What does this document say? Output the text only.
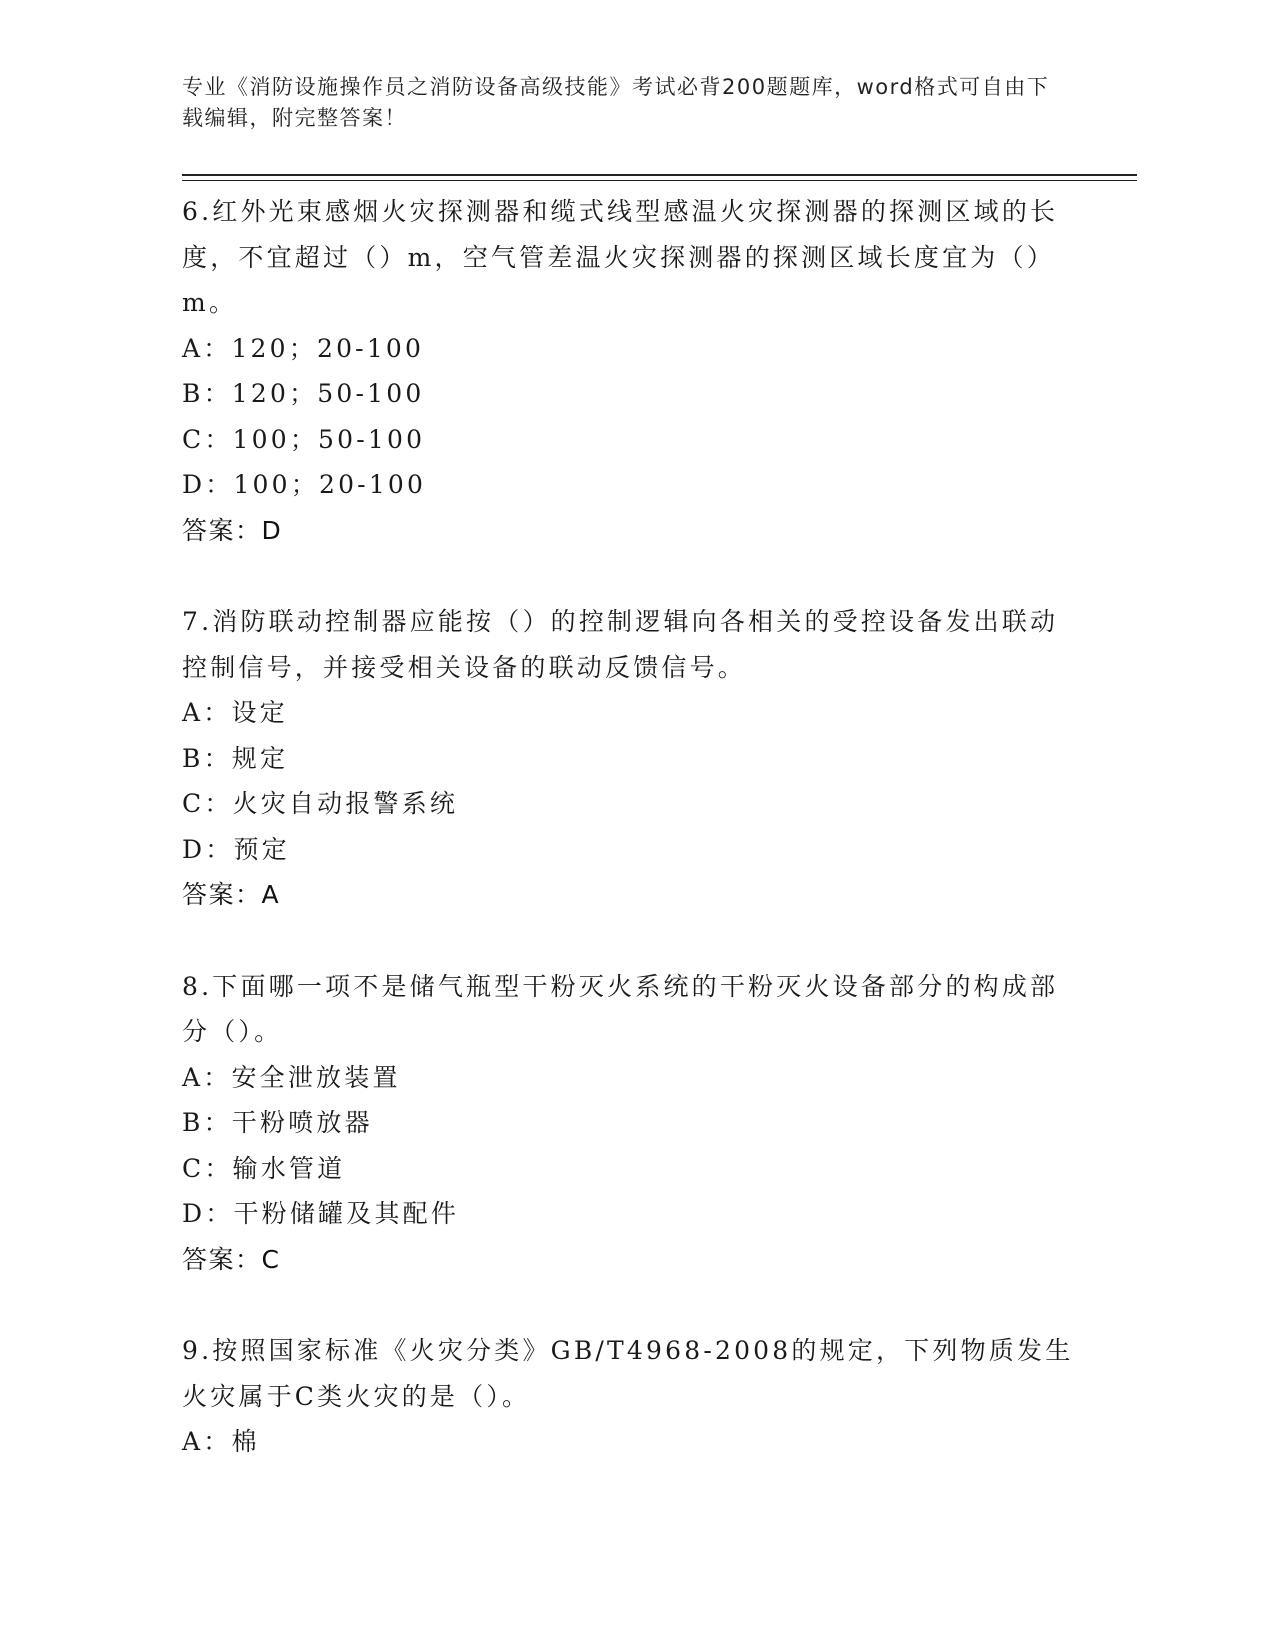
专业《消防设施操作员之消防设备高级技能》考试必背200题题库，word格式可自由下载编辑，附完整答案！

6.红外光束感烟火灾探测器和缆式线型感温火灾探测器的探测区域的长度，不宜超过（）m，空气管差温火灾探测器的探测区域长度宜为（）m。

A：120；20-100
B：120；50-100
C：100；50-100
D：100；20-100

答案：D

7.消防联动控制器应能按（）的控制逻辑向各相关的受控设备发出联动控制信号，并接受相关设备的联动反馈信号。

A：设定
B：规定
C：火灾自动报警系统
D：预定

答案：A

8.下面哪一项不是储气瓶型干粉灭火系统的干粉灭火设备部分的构成部分（）。

A：安全泄放装置
B：干粉喷放器
C：输水管道
D：干粉储罐及其配件

答案：C

9.按照国家标准《火灾分类》GB/T4968-2008的规定，下列物质发生火灾属于C类火灾的是（）。

A：棉
